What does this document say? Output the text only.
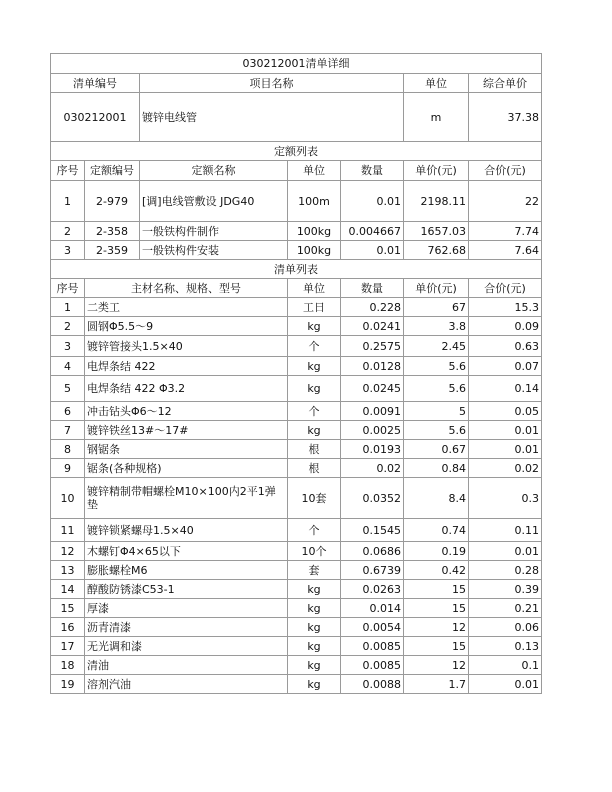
030212001清单详细						
清单编号		项目名称			单位	综合单价
030212001		镀锌电线管			m	37.38
定额列表						
序号	定额编号	定额名称	单位	数量	单价(元)	合价(元)
1	2-979	[调]电线管敷设 JDG40	100m	0.01	2198.11	22
2	2-358	一般铁构件制作	100kg	0.004667	1657.03	7.74
3	2-359	一般铁构件安装	100kg	0.01	762.68	7.64
清单列表						
序号	主材名称、规格、型号		单位	数量	单价(元)	合价(元)
1	二类工		工日	0.228	67	15.3
2	圆钢Φ5.5～9		kg	0.0241	3.8	0.09
3	镀锌管接头1.5×40		个	0.2575	2.45	0.63
4	电焊条结 422		kg	0.0128	5.6	0.07
5	电焊条结 422 Φ3.2		kg	0.0245	5.6	0.14
6	冲击钻头Φ6～12		个	0.0091	5	0.05
7	镀锌铁丝13#～17#		kg	0.0025	5.6	0.01
8	钢锯条		根	0.0193	0.67	0.01
9	锯条(各种规格)		根	0.02	0.84	0.02
10	镀锌精制带帽螺栓M10×100内2平1弹垫		10套	0.0352	8.4	0.3
11	镀锌锁紧螺母1.5×40		个	0.1545	0.74	0.11
12	木螺钉Φ4×65以下		10个	0.0686	0.19	0.01
13	膨胀螺栓M6		套	0.6739	0.42	0.28
14	醇酸防锈漆C53-1		kg	0.0263	15	0.39
15	厚漆		kg	0.014	15	0.21
16	沥青清漆		kg	0.0054	12	0.06
17	无光调和漆		kg	0.0085	15	0.13
18	清油		kg	0.0085	12	0.1
19	溶剂汽油		kg	0.0088	1.7	0.01
